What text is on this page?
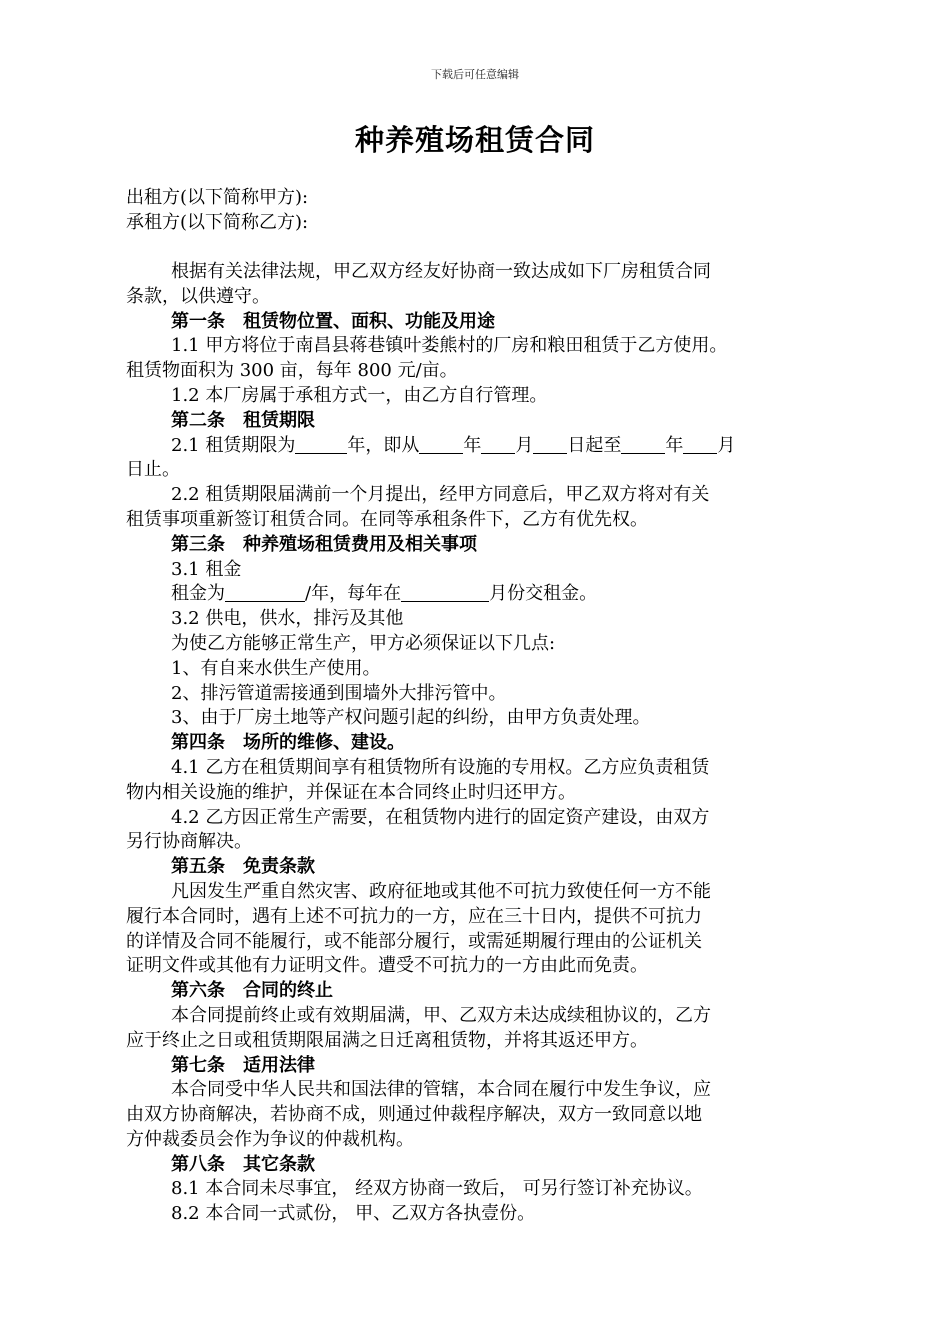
下载后可任意编辑
种养殖场租赁合同
出租方(以下简称甲方):
承租方(以下简称乙方):
根据有关法律法规，甲乙双方经友好协商一致达成如下厂房租赁合同
条款，以供遵守。
第一条　租赁物位置、面积、功能及用途
1.1 甲方将位于南昌县蒋巷镇叶娄熊村的厂房和粮田租赁于乙方使用。
租赁物面积为 300 亩，每年 800 元/亩。
1.2 本厂房属于承租方式一，由乙方自行管理。
第二条　租赁期限
2.1 租赁期限为	年，即从 年 月 日起至 年 月
日止。
2.2 租赁期限届满前一个月提出，经甲方同意后，甲乙双方将对有关
租赁事项重新签订租赁合同。在同等承租条件下，乙方有优先权。
第三条　种养殖场租赁费用及相关事项
3.1 租金
租金为	/年，每年在	月份交租金。
3.2 供电，供水，排污及其他
为使乙方能够正常生产，甲方必须保证以下几点:
1、有自来水供生产使用。
2、排污管道需接通到围墙外大排污管中。
3、由于厂房土地等产权问题引起的纠纷，由甲方负责处理。
第四条　场所的维修、建设。
4.1 乙方在租赁期间享有租赁物所有设施的专用权。乙方应负责租赁
物内相关设施的维护，并保证在本合同终止时归还甲方。
4.2 乙方因正常生产需要，在租赁物内进行的固定资产建设，由双方
另行协商解决。
第五条　免责条款
凡因发生严重自然灾害、政府征地或其他不可抗力致使任何一方不能
履行本合同时，遇有上述不可抗力的一方，应在三十日内，提供不可抗力
的详情及合同不能履行，或不能部分履行，或需延期履行理由的公证机关
证明文件或其他有力证明文件。遭受不可抗力的一方由此而免责。
第六条　合同的终止
本合同提前终止或有效期届满，甲、乙双方未达成续租协议的，乙方
应于终止之日或租赁期限届满之日迁离租赁物，并将其返还甲方。
第七条　适用法律
本合同受中华人民共和国法律的管辖，本合同在履行中发生争议，应
由双方协商解决，若协商不成，则通过仲裁程序解决，双方一致同意以地
方仲裁委员会作为争议的仲裁机构。
第八条　其它条款
8.1 本合同未尽事宜， 经双方协商一致后， 可另行签订补充协议。
8.2 本合同一式贰份， 甲、乙双方各执壹份。
